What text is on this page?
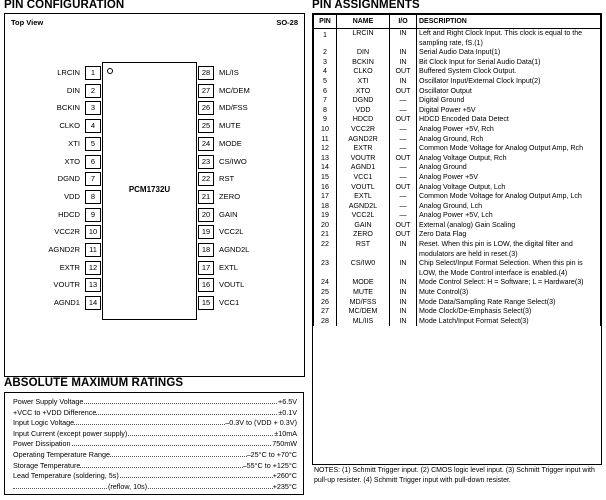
PIN CONFIGURATION
Top View	SO-28
PCM1732U
LRCIN	1
DIN	2
BCKIN	3
CLKO	4
XTI	5
XTO	6
DGND	7
VDD	8
HDCD	9
VCC2R	10
AGND2R	11
EXTR	12
VOUTR	13
AGND1	14
28	ML/IS
27	MC/DEM
26	MD/FSS
25	MUTE
24	MODE
23	CS/IWO
22	RST
21	ZERO
20	GAIN
19	VCC2L
18	AGND2L
17	EXTL
16	VOUTL
15	VCC1
ABSOLUTE MAXIMUM RATINGS
Power Supply Voltage	+6.5V
+VCC to +VDD Difference	±0.1V
Input Logic Voltage	–0.3V to (VDD + 0.3V)
Input Current (except power supply)	±10mA
Power Dissipation	750mW
Operating Temperature Range	–25°C to +70°C
Storage Temperature	–55°C to +125°C
Lead Temperature (soldering, 5s)	+260°C
(reflow, 10s)	+235°C
PIN ASSIGNMENTS
PIN	NAME	I/O	DESCRIPTION
1	LRCIN	IN	Left and Right Clock Input. This clock is equal to the sampling rate, fS.(1)
2	DIN	IN	Serial Audio Data Input(1)
3	BCKIN	IN	Bit Clock Input for Serial Audio Data(1)
4	CLKO	OUT	Buffered System Clock Output.
5	XTI	IN	Oscillator Input/External Clock Input(2)
6	XTO	OUT	Oscillator Output
7	DGND	—	Digital Ground
8	VDD	—	Digital Power +5V
9	HDCD	OUT	HDCD Encoded Data Detect
10	VCC2R	—	Analog Power +5V, Rch
11	AGND2R	—	Analog Ground, Rch
12	EXTR	—	Common Mode Voltage for Analog Output Amp, Rch
13	VOUTR	OUT	Analog Voltage Output, Rch
14	AGND1	—	Analog Ground
15	VCC1	—	Analog Power +5V
16	VOUTL	OUT	Analog Voltage Output, Lch
17	EXTL	—	Common Mode Voltage for Analog Output Amp, Lch
18	AGND2L	—	Analog Ground, Lch
19	VCC2L	—	Analog Power +5V, Lch
20	GAIN	OUT	External (analog) Gain Scaling
21	ZERO	OUT	Zero Data Flag
22	RST	IN	Reset. When this pin is LOW, the digital filter and modulators are held in reset.(3)
23	CS/IW0	IN	Chip Select/Input Format Selection. When this pin is LOW, the Mode Control interface is enabled.(4)
24	MODE	IN	Mode Control Select: H = Software; L = Hardware(3)
25	MUTE	IN	Mute Control(3)
26	MD/FSS	IN	Mode Data/Sampling Rate Range Select(3)
27	MC/DEM	IN	Mode Clock/De-Emphasis Select(3)
28	ML/IIS	IN	Mode Latch/Input Format Select(3)
NOTES: (1) Schmitt Trigger input. (2) CMOS logic level input. (3) Schmitt Trigger input with pull-up resister. (4) Schmitt Trigger input with pull-down resister.
